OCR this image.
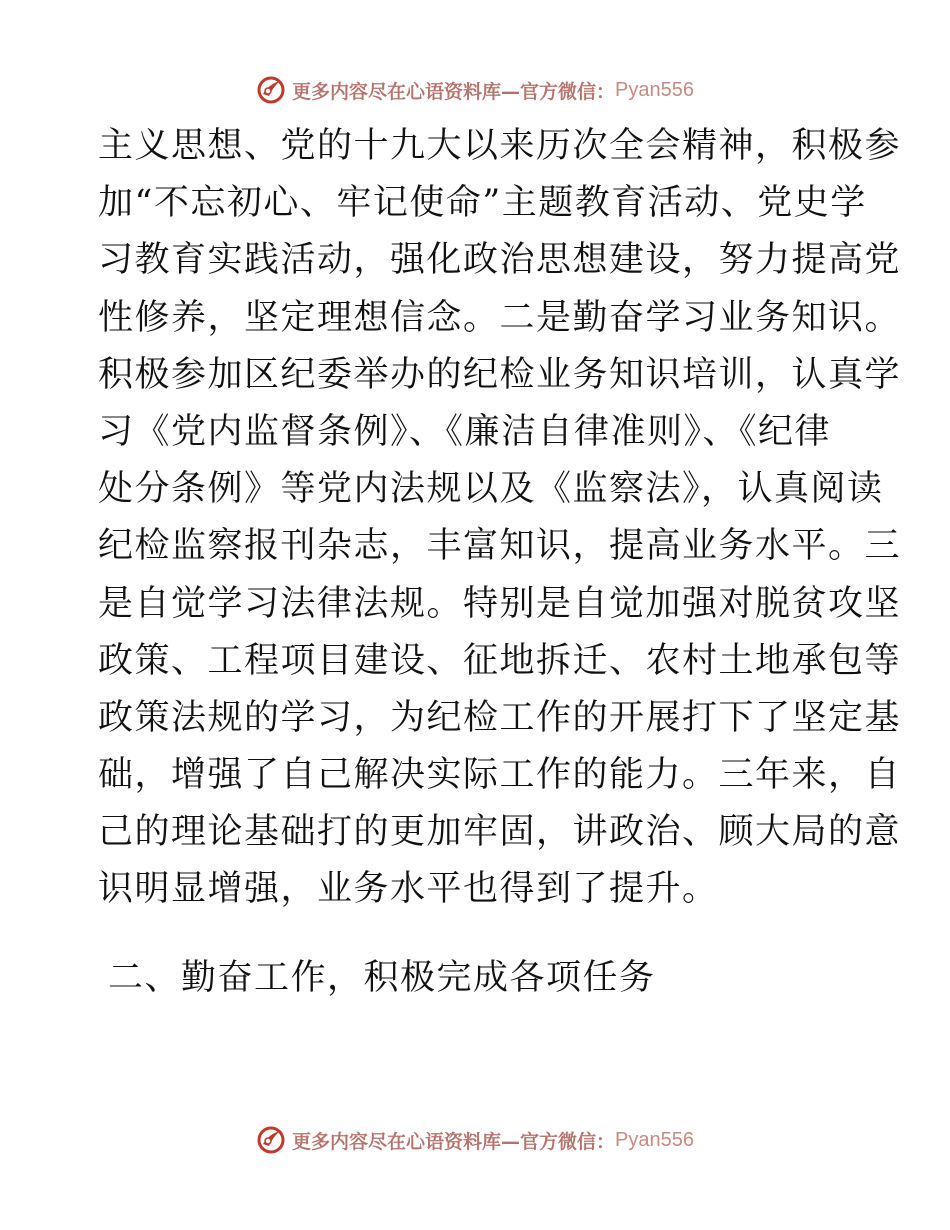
更多内容尽在心语资料库—官方微信： Pyan556
主义思想、党的十九大以来历次全会精神，积极参
加“不忘初心、牢记使命”主题教育活动、党史学
习教育实践活动，强化政治思想建设，努力提高党
性修养，坚定理想信念。二是勤奋学习业务知识。
积极参加区纪委举办的纪检业务知识培训，认真学
习《党内监督条例》、《廉洁自律准则》、《纪律
处分条例》等党内法规以及《监察法》，认真阅读
纪检监察报刊杂志，丰富知识，提高业务水平。三
是自觉学习法律法规。特别是自觉加强对脱贫攻坚
政策、工程项目建设、征地拆迁、农村土地承包等
政策法规的学习，为纪检工作的开展打下了坚定基
础，增强了自己解决实际工作的能力。三年来，自
己的理论基础打的更加牢固，讲政治、顾大局的意
识明显增强，业务水平也得到了提升。
二、勤奋工作，积极完成各项任务
更多内容尽在心语资料库—官方微信： Pyan556
